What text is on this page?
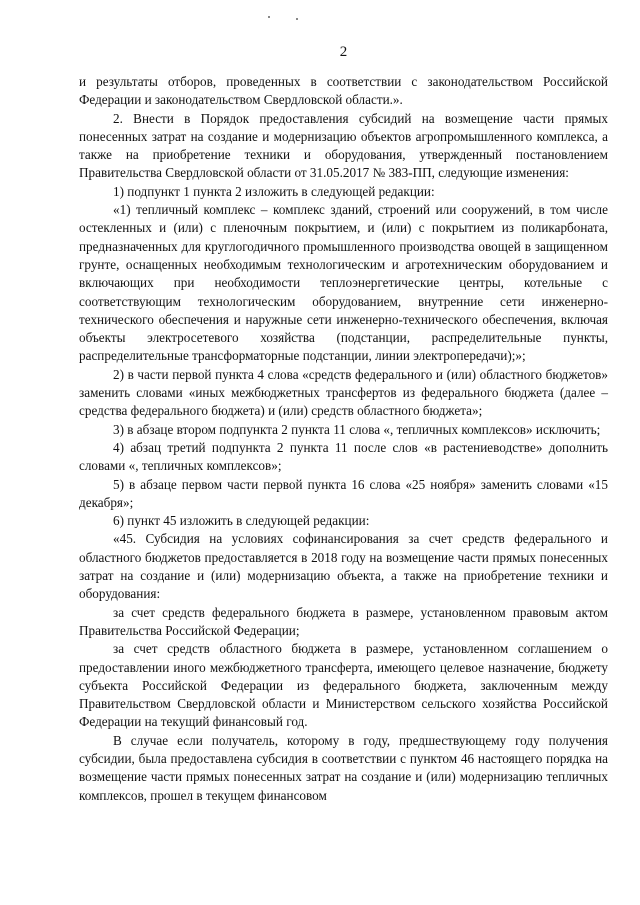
2

и результаты отборов, проведенных в соответствии с законодательством Российской Федерации и законодательством Свердловской области.».

2. Внести в Порядок предоставления субсидий на возмещение части прямых понесенных затрат на создание и модернизацию объектов агропромышленного комплекса, а также на приобретение техники и оборудования, утвержденный постановлением Правительства Свердловской области от 31.05.2017 № 383-ПП, следующие изменения:

1) подпункт 1 пункта 2 изложить в следующей редакции:

«1) тепличный комплекс – комплекс зданий, строений или сооружений, в том числе остекленных и (или) с пленочным покрытием, и (или) с покрытием из поликарбоната, предназначенных для круглогодичного промышленного производства овощей в защищенном грунте, оснащенных необходимым технологическим и агротехническим оборудованием и включающих при необходимости теплоэнергетические центры, котельные с соответствующим технологическим оборудованием, внутренние сети инженерно-технического обеспечения и наружные сети инженерно-технического обеспечения, включая объекты электросетевого хозяйства (подстанции, распределительные пункты, распределительные трансформаторные подстанции, линии электропередачи);»;

2) в части первой пункта 4 слова «средств федерального и (или) областного бюджетов» заменить словами «иных межбюджетных трансфертов из федерального бюджета (далее – средства федерального бюджета) и (или) средств областного бюджета»;

3) в абзаце втором подпункта 2 пункта 11 слова «, тепличных комплексов» исключить;

4) абзац третий подпункта 2 пункта 11 после слов «в растениеводстве» дополнить словами «, тепличных комплексов»;

5) в абзаце первом части первой пункта 16 слова «25 ноября» заменить словами «15 декабря»;

6) пункт 45 изложить в следующей редакции:

«45. Субсидия на условиях софинансирования за счет средств федерального и областного бюджетов предоставляется в 2018 году на возмещение части прямых понесенных затрат на создание и (или) модернизацию объекта, а также на приобретение техники и оборудования:

за счет средств федерального бюджета в размере, установленном правовым актом Правительства Российской Федерации;

за счет средств областного бюджета в размере, установленном соглашением о предоставлении иного межбюджетного трансферта, имеющего целевое назначение, бюджету субъекта Российской Федерации из федерального бюджета, заключенным между Правительством Свердловской области и Министерством сельского хозяйства Российской Федерации на текущий финансовый год.

В случае если получатель, которому в году, предшествующему году получения субсидии, была предоставлена субсидия в соответствии с пунктом 46 настоящего порядка на возмещение части прямых понесенных затрат на создание и (или) модернизацию тепличных комплексов, прошел в текущем финансовом
